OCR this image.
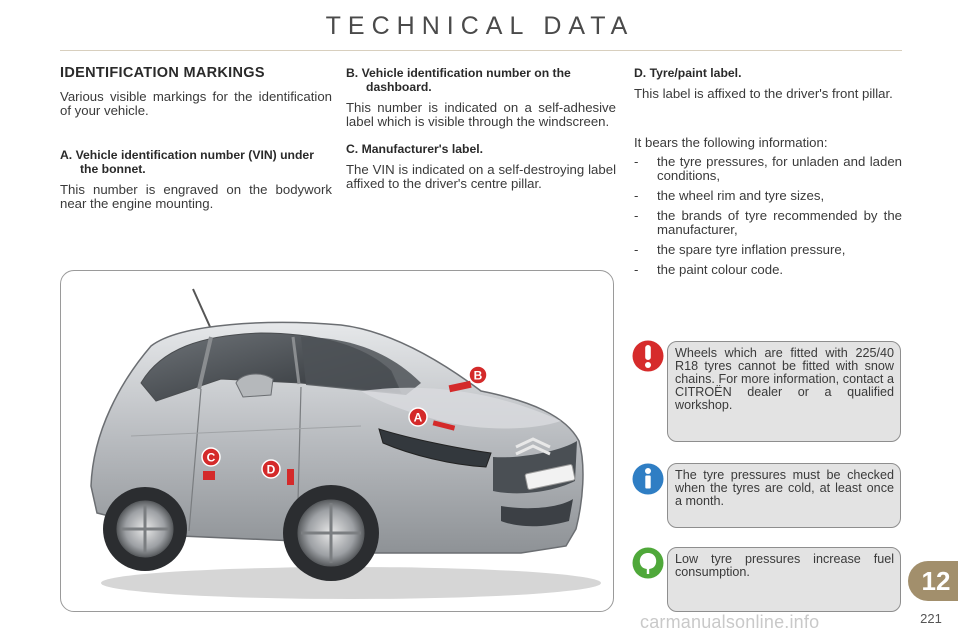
TECHNICAL DATA
IDENTIFICATION MARKINGS

Various visible markings for the identification of your vehicle.

A. Vehicle identification number (VIN) under the bonnet.

This number is engraved on the bodywork near the engine mounting.

B. Vehicle identification number on the dashboard.

This number is indicated on a self-adhesive label which is visible through the windscreen.

C. Manufacturer's label.

The VIN is indicated on a self-destroying label affixed to the driver's centre pillar.

D. Tyre/paint label.

This label is affixed to the driver's front pillar.

It bears the following information:

- the tyre pressures, for unladen and laden conditions,
- the wheel rim and tyre sizes,
- the brands of tyre recommended by the manufacturer,
- the spare tyre inflation pressure,
- the paint colour code.
B
A
C
D

Wheels which are fitted with 225/40 R18 tyres cannot be fitted with snow chains. For more information, contact a CITROËN dealer or a qualified workshop.

The tyre pressures must be checked when the tyres are cold, at least once a month.

Low tyre pressures increase fuel consumption.	12
carmanualsonline.info	221
